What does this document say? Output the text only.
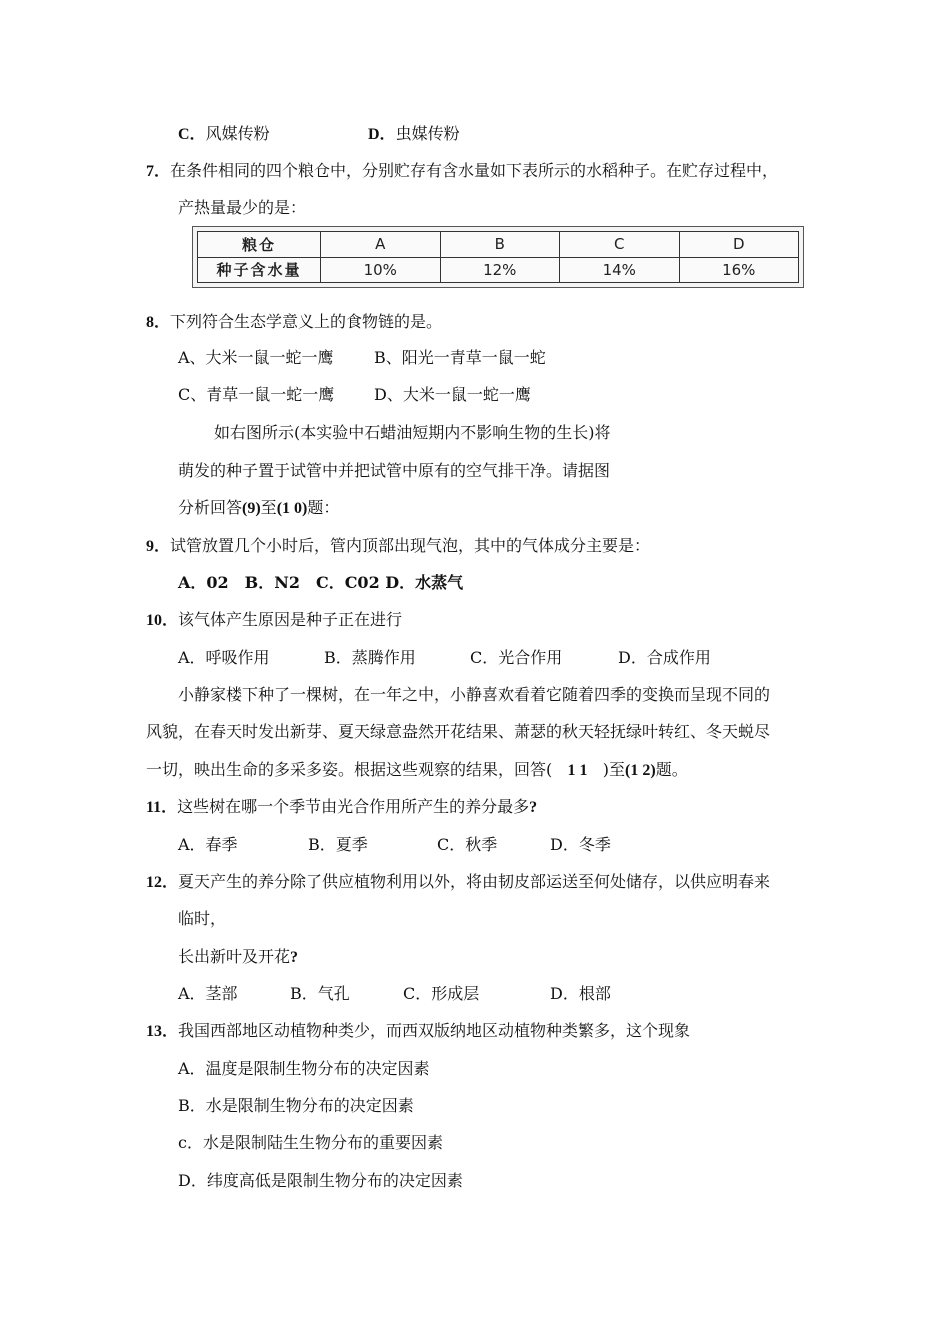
C．风媒传粉	D．虫媒传粉
7．在条件相同的四个粮仓中，分别贮存有含水量如下表所示的水稻种子。在贮存过程中，
产热量最少的是：
粮仓	A	B	C	D
种子含水量	10%	12%	14%	16%
8．下列符合生态学意义上的食物链的是。
A、大米一鼠一蛇一鹰	B、阳光一青草一鼠一蛇
C、青草一鼠一蛇一鹰 D、大米一鼠一蛇一鹰
如右图所示(本实验中石蜡油短期内不影响生物的生长)将
萌发的种子置于试管中并把试管中原有的空气排干净。请据图
分析回答(9)至(1 0)题：
9．试管放置几个小时后，管内顶部出现气泡，其中的气体成分主要是：
A．02　B．N2　C．C02 D．水蒸气
10．该气体产生原因是种子正在进行
A．呼吸作用	B．蒸腾作用	C．光合作用	D．合成作用
小静家楼下种了一棵树，在一年之中，小静喜欢看着它随着四季的变换而呈现不同的
风貌，在春天时发出新芽、夏天绿意盎然开花结果、萧瑟的秋天轻抚绿叶转红、冬天蜕尽
一切，映出生命的多采多姿。根据这些观察的结果，回答( 1 1 )至(1 2)题。
11．这些树在哪一个季节由光合作用所产生的养分最多?
A．春季	B．夏季	C．秋季	D．冬季
12．夏天产生的养分除了供应植物利用以外，将由韧皮部运送至何处储存，以供应明春来
临时，
长出新叶及开花?
A．茎部	B．气孔	C．形成层	D．根部
13．我国西部地区动植物种类少，而西双版纳地区动植物种类繁多，这个现象
A．温度是限制生物分布的决定因素
B．水是限制生物分布的决定因素
c．水是限制陆生生物分布的重要因素
D．纬度高低是限制生物分布的决定因素
